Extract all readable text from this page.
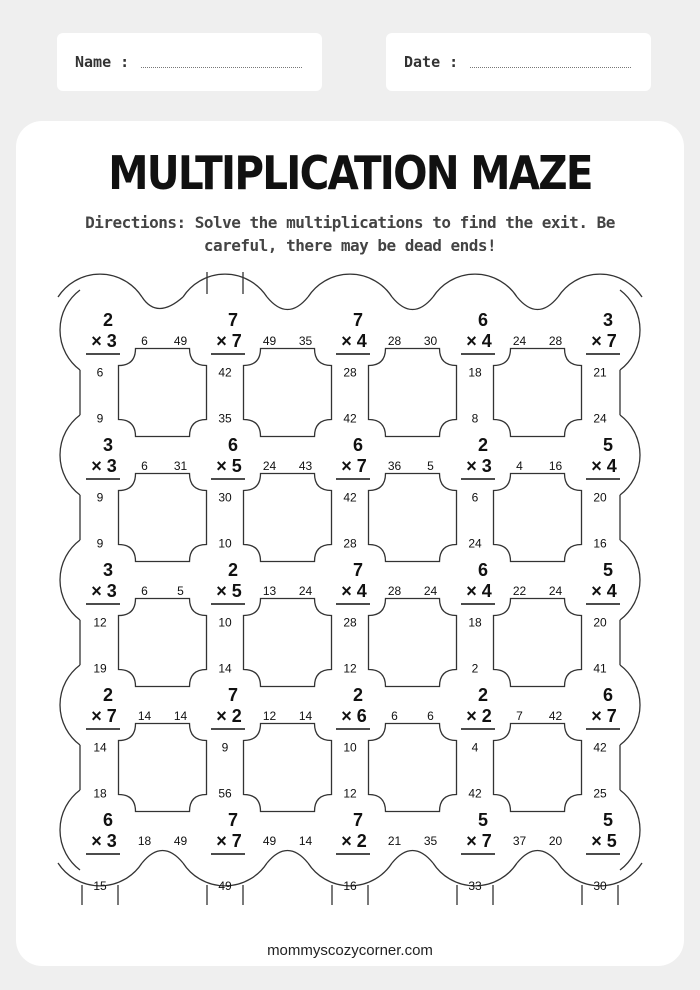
Name :	Date :
MULTIPLICATION MAZE
Directions: Solve the multiplications to find the exit. Be careful, there may be dead ends!
2
× 3
7
× 7
7
× 4
6
× 4
3
× 7
3
× 3
6
× 5
6
× 7
2
× 3
5
× 4
3
× 3
2
× 5
7
× 4
6
× 4
5
× 4
2
× 7
7
× 2
2
× 6
2
× 2
6
× 7
6
× 3
7
× 7
7
× 2
5
× 7
5
× 5
6 49	49 35	28 30	24 28
6 31	24 43	36 5	4 16
6 5	13 24	28 24	22 24
14 14	12 14	6 6	7 42
18 49	49 14	21 35	37 20
6
9
42
35
28
42
18
8
21
24
9
9
30
10
42
28
6
24
20
16
12
19
10
14
28
12
18
2
20
41
14
18
9
56
10
12
4
42
42
25
15	49	16	33	30
mommyscozycorner.com
